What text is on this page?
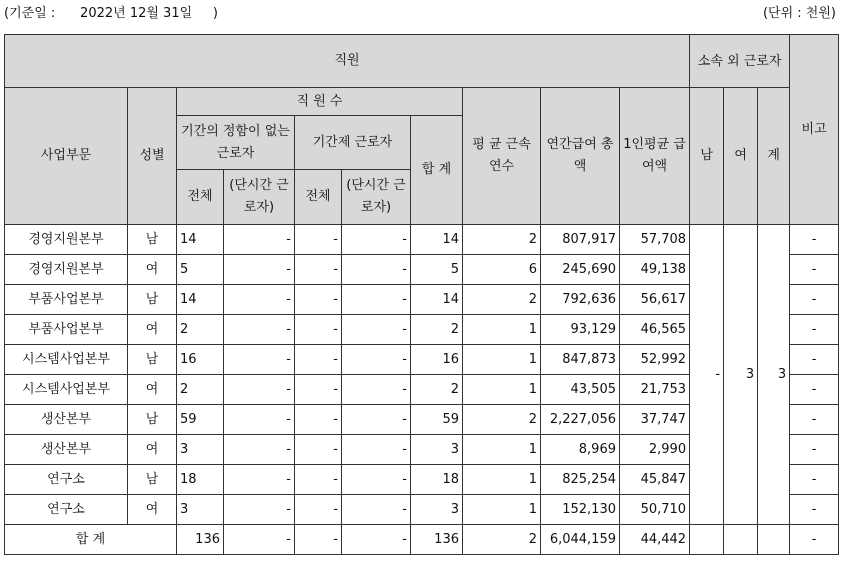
(기준일 :      2022년 12월 31일     )	(단위 : 천원)
직원										소속 외 근로자			비고
사업부문	성별	직 원 수					평 균 근속연수	연간급여 총 액	1인평균 급여액	남	여	계	
		기간의 정함이 없는 근로자		기간제 근로자		합 계							
		전체	(단시간 근로자)	전체	(단시간 근로자)								
경영지원본부	남	14	-	-	-	14	2	807,917	57,708	-	3	3	-
경영지원본부	여	5	-	-	-	5	6	245,690	49,138				-
부품사업본부	남	14	-	-	-	14	2	792,636	56,617				-
부품사업본부	여	2	-	-	-	2	1	93,129	46,565				-
시스템사업본부	남	16	-	-	-	16	1	847,873	52,992				-
시스템사업본부	여	2	-	-	-	2	1	43,505	21,753				-
생산본부	남	59	-	-	-	59	2	2,227,056	37,747				-
생산본부	여	3	-	-	-	3	1	8,969	2,990				-
연구소	남	18	-	-	-	18	1	825,254	45,847				-
연구소	여	3	-	-	-	3	1	152,130	50,710				-
합 계		136	-	-	-	136	2	6,044,159	44,442				-
